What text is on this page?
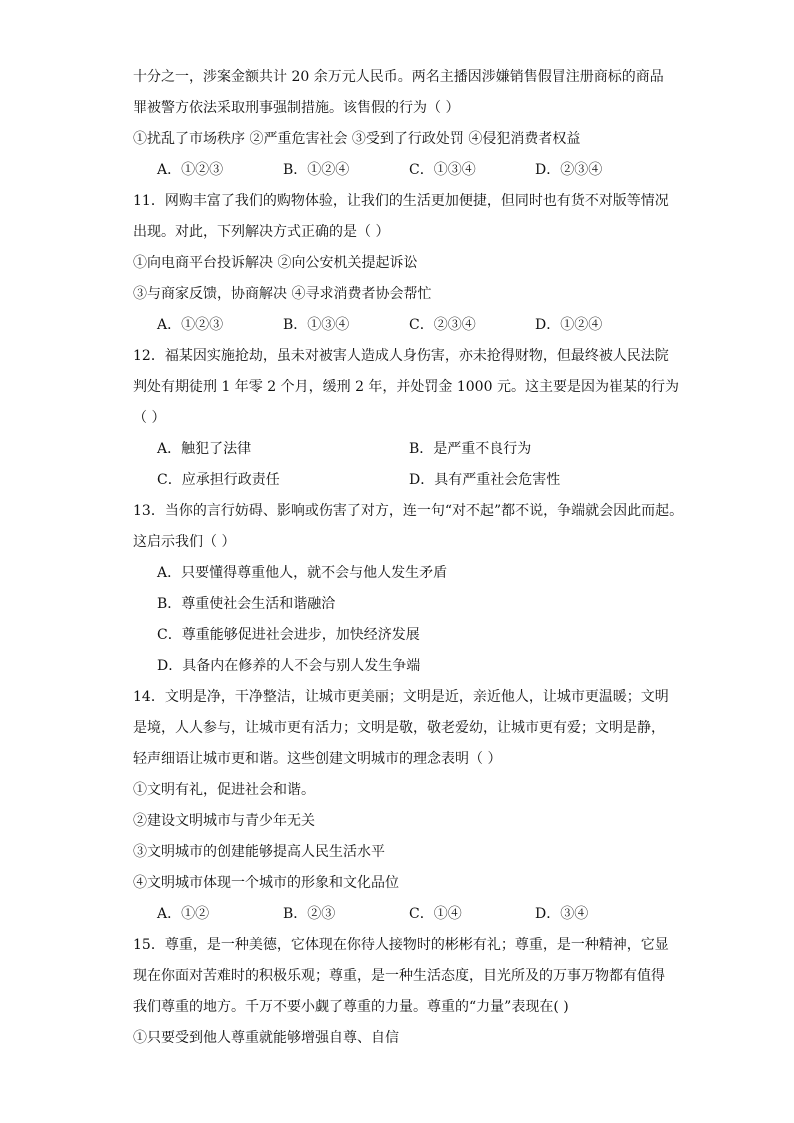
十分之一，涉案金额共计 20 余万元人民币。两名主播因涉嫌销售假冒注册商标的商品
罪被警方依法采取刑事强制措施。该售假的行为（ ）
①扰乱了市场秩序 ②严重危害社会 ③受到了行政处罚 ④侵犯消费者权益
A．①②③	B．①②④	C．①③④	D．②③④
11．网购丰富了我们的购物体验，让我们的生活更加便捷，但同时也有货不对版等情况
出现。对此，下列解决方式正确的是（ ）
①向电商平台投诉解决 ②向公安机关提起诉讼
③与商家反馈，协商解决 ④寻求消费者协会帮忙
A．①②③	B．①③④	C．②③④	D．①②④
12．福某因实施抢劫，虽未对被害人造成人身伤害，亦未抢得财物，但最终被人民法院
判处有期徒刑 1 年零 2 个月，缓刑 2 年，并处罚金 1000 元。这主要是因为崔某的行为
（ ）
A．触犯了法律	B．是严重不良行为
C．应承担行政责任	D．具有严重社会危害性
13．当你的言行妨碍、影响或伤害了对方，连一句“对不起”都不说，争端就会因此而起。
这启示我们（ ）
A．只要懂得尊重他人，就不会与他人发生矛盾
B．尊重使社会生活和谐融洽
C．尊重能够促进社会进步，加快经济发展
D．具备内在修养的人不会与别人发生争端
14．文明是净，干净整洁，让城市更美丽；文明是近，亲近他人，让城市更温暖；文明
是境，人人参与，让城市更有活力；文明是敬，敬老爱幼，让城市更有爱；文明是静，
轻声细语让城市更和谐。这些创建文明城市的理念表明（ ）
①文明有礼，促进社会和谐。
②建设文明城市与青少年无关
③文明城市的创建能够提高人民生活水平
④文明城市体现一个城市的形象和文化品位
A．①②	B．②③	C．①④	D．③④
15．尊重，是一种美德，它体现在你待人接物时的彬彬有礼；尊重，是一种精神，它显
现在你面对苦难时的积极乐观；尊重，是一种生活态度，目光所及的万事万物都有值得
我们尊重的地方。千万不要小觑了尊重的力量。尊重的“力量”表现在( )
①只要受到他人尊重就能够增强自尊、自信
